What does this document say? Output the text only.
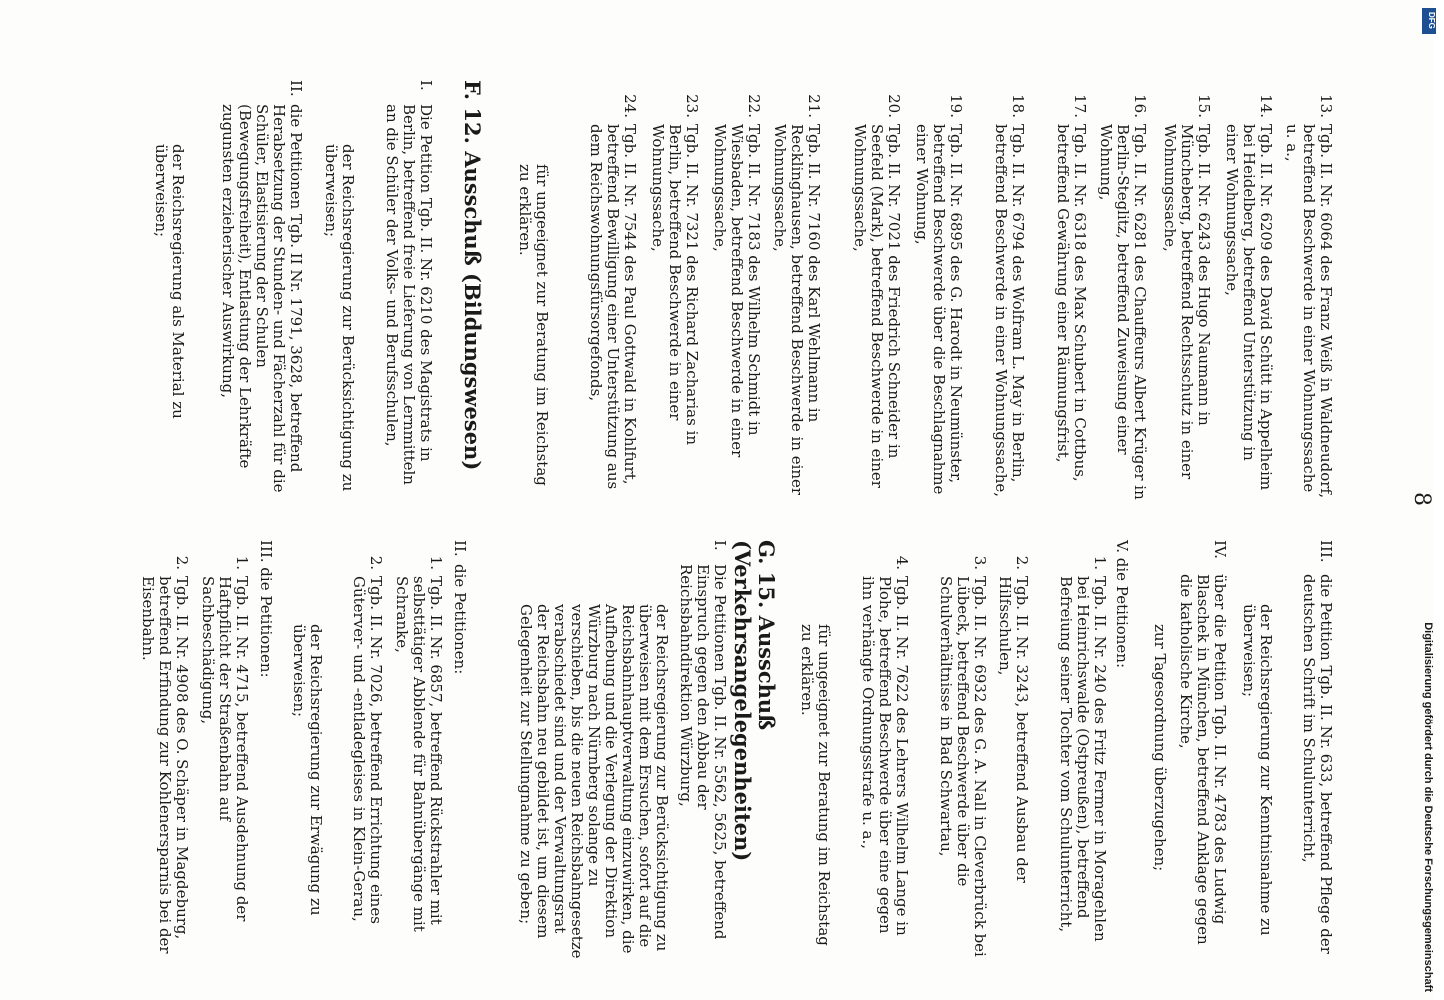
8
13.
Tgb. II. Nr. 6064 des Franz Weiß in Waldneudorf, betreffend Beschwerde in einer Wohnungssache u. a.,
14.
Tgb. II. Nr. 6209 des David Schütt in Appelheim bei Heidelberg, betreffend Unterstützung in einer Wohnungssache,
15.
Tgb. II. Nr. 6243 des Hugo Naumann in Müncheberg, betreffend Rechtsschutz in einer Wohnungssache,
16.
Tgb. II. Nr. 6281 des Chauffeurs Albert Krüger in Berlin-Steglitz, betreffend Zuweisung einer Wohnung,
17.
Tgb. II. Nr. 6318 des Max Schubert in Cottbus, betreffend Gewährung einer Räumungsfrist,
18.
Tgb. II. Nr. 6794 des Wolfram L. May in Berlin, betreffend Beschwerde in einer Wohnungssache,
19.
Tgb. II. Nr. 6895 des G. Harodt in Neumünster, betreffend Beschwerde über die Beschlagnahme einer Wohnung,
20.
Tgb. II. Nr. 7021 des Friedrich Schneider in Seefeld (Mark), betreffend Beschwerde in einer Wohnungssache,
21.
Tgb. II. Nr. 7160 des Karl Wehlmann in Recklinghausen, betreffend Beschwerde in einer Wohnungssache,
22.
Tgb. II. Nr. 7183 des Wilhelm Schmidt in Wiesbaden, betreffend Beschwerde in einer Wohnungssache,
23.
Tgb. II. Nr. 7321 des Richard Zacharias in Berlin, betreffend Beschwerde in einer Wohnungssache,
24.
Tgb. II. Nr. 7544 des Paul Gottwald in Kohlfurt, betreffend Bewilligung einer Unterstützung aus dem Reichswohnungsfürsorgefonds,
für ungeeignet zur Beratung im Reichstag zu erklären.
F. 12. Ausschuß (Bildungswesen)
I.
Die Petition Tgb. II. Nr. 6210 des Magistrats in Berlin, betreffend freie Lieferung von Lernmitteln an die Schüler der Volks- und Berufsschulen,
der Reichsregierung zur Berücksichtigung zu überweisen;
II.
die Petitionen Tgb. II Nr. 1791, 3628, betreffend Herabsetzung der Stunden- und Fächerzahl für die Schüler, Elastisierung der Schulen (Bewegungsfreiheit), Entlastung der Lehrkräfte zugunsten erzieherischer Auswirkung,
der Reichsregierung als Material zu überweisen;
III.
die Petition Tgb. II. Nr. 633, betreffend Pflege der deutschen Schrift im Schulunterricht,
der Reichsregierung zur Kenntnisnahme zu überweisen;
IV.
über die Petition Tgb. II. Nr. 4783 des Ludwig Blaschek in München, betreffend Anklage gegen die katholische Kirche,
zur Tagesordnung überzugehen;
V. die Petitionen:
1.
Tgb. II. Nr. 240 des Fritz Fermer in Moragehlen bei Heinrichswalde (Ostpreußen), betreffend Befreiung seiner Tochter vom Schulunterricht,
2.
Tgb. II. Nr. 3243, betreffend Ausbau der Hilfsschulen,
3.
Tgb. II. Nr. 6932 des G. A. Nall in Cleverbrück bei Lübeck, betreffend Beschwerde über die Schulverhältnisse in Bad Schwartau,
4.
Tgb. II. Nr. 7622 des Lehrers Wilhelm Lange in Plohe, betreffend Beschwerde über eine gegen ihn verhängte Ordnungsstrafe u. a.,
für ungeeignet zur Beratung im Reichstag zu erklären.
G. 15. Ausschuß (Verkehrsangelegenheiten)
I.
Die Petitionen Tgb. II. Nr. 5562, 5625, betreffend Einspruch gegen den Abbau der Reichsbahndirektion Würzburg,
der Reichsregierung zur Berücksichtigung zu überweisen mit dem Ersuchen, sofort auf die Reichsbahnhauptverwaltung einzuwirken, die Aufhebung und die Verlegung der Direktion Würzburg nach Nürnberg solange zu verschieben, bis die neuen Reichsbahngesetze verabschiedet sind und der Verwaltungsrat der Reichsbahn neu gebildet ist, um diesem Gelegenheit zur Stellungnahme zu geben;
II.
die Petitionen:
1.
Tgb. II. Nr. 6857, betreffend Rückstrahler mit selbsttätiger Abblende für Bahnübergänge mit Schranke,
2.
Tgb. II. Nr. 7026, betreffend Errichtung eines Güterver- und -entladegleises in Klein-Gerau,
der Reichsregierung zur Erwägung zu überweisen;
III. die Petitionen:
1.
Tgb. II. Nr. 4715, betreffend Ausdehnung der Haftpflicht der Straßenbahn auf Sachbeschädigung,
2.
Tgb. II. Nr. 4908 des O. Schäper in Magdeburg, betreffend Erfindung zur Kohlenersparnis bei der Eisenbahn.
Digitalisierung gefördert durch die Deutsche Forschungsgemeinschaft
DFG
